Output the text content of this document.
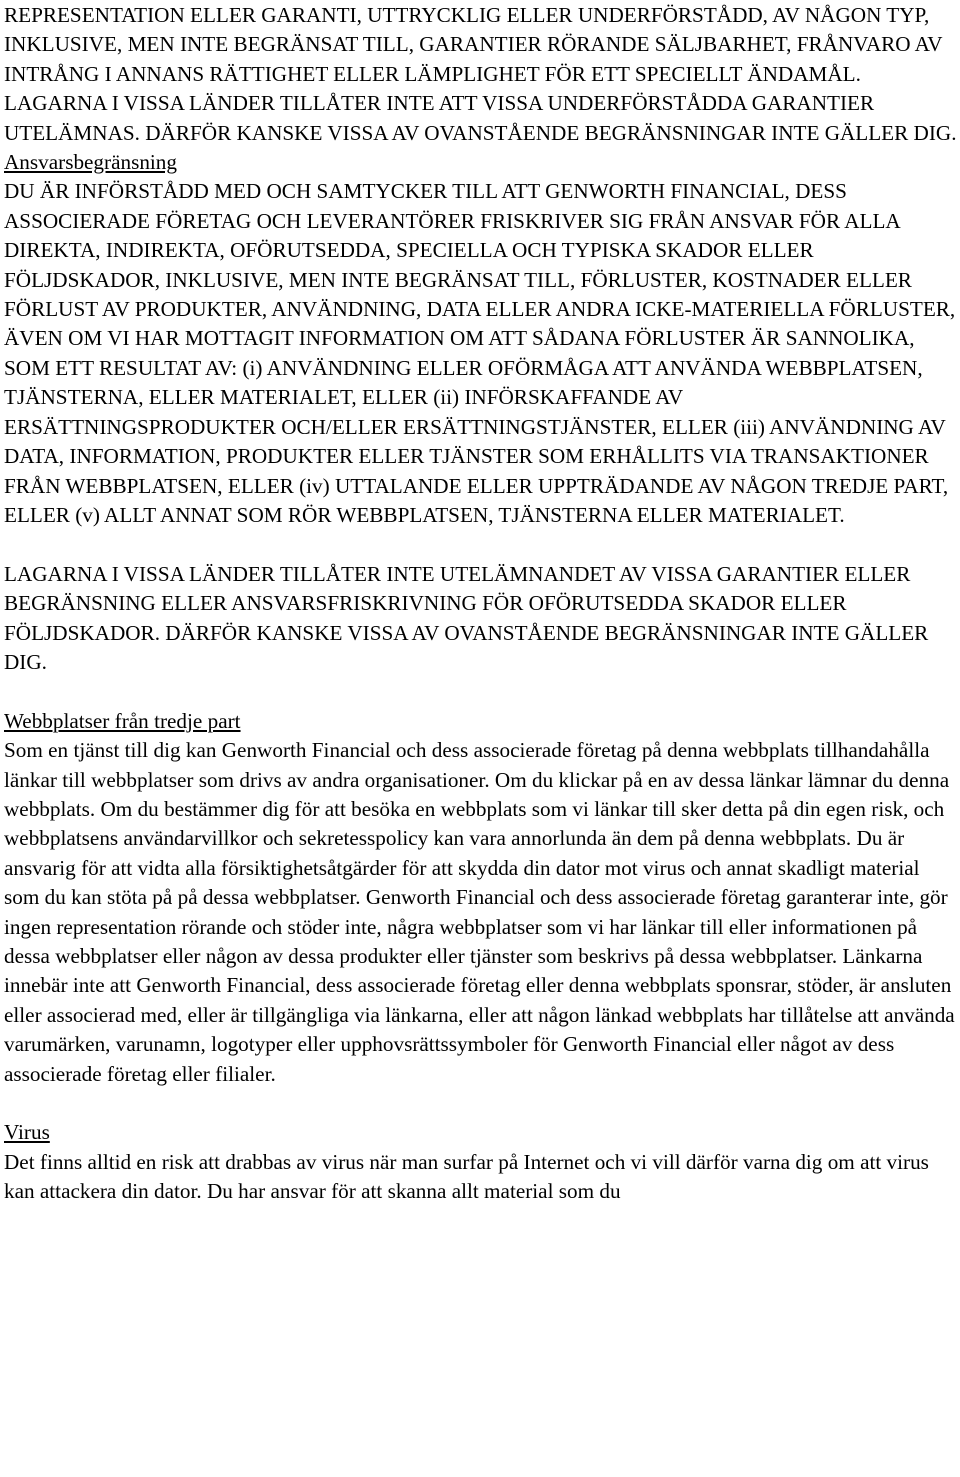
REPRESENTATION ELLER GARANTI, UTTRYCKLIG ELLER UNDERFÖRSTÅDD, AV NÅGON TYP, INKLUSIVE, MEN INTE BEGRÄNSAT TILL, GARANTIER RÖRANDE SÄLJBARHET, FRÅNVARO AV INTRÅNG I ANNANS RÄTTIGHET ELLER LÄMPLIGHET FÖR ETT SPECIELLT ÄNDAMÅL. LAGARNA I VISSA LÄNDER TILLÅTER INTE ATT VISSA UNDERFÖRSTÅDDA GARANTIER UTELÄMNAS. DÄRFÖR KANSKE VISSA AV OVANSTÅENDE BEGRÄNSNINGAR INTE GÄLLER DIG.

Ansvarsbegränsning

DU ÄR INFÖRSTÅDD MED OCH SAMTYCKER TILL ATT GENWORTH FINANCIAL, DESS ASSOCIERADE FÖRETAG OCH LEVERANTÖRER FRISKRIVER SIG FRÅN ANSVAR FÖR ALLA DIREKTA, INDIREKTA, OFÖRUTSEDDA, SPECIELLA OCH TYPISKA SKADOR ELLER FÖLJDSKADOR, INKLUSIVE, MEN INTE BEGRÄNSAT TILL, FÖRLUSTER, KOSTNADER ELLER FÖRLUST AV PRODUKTER, ANVÄNDNING, DATA ELLER ANDRA ICKE-MATERIELLA FÖRLUSTER, ÄVEN OM VI HAR MOTTAGIT INFORMATION OM ATT SÅDANA FÖRLUSTER ÄR SANNOLIKA, SOM ETT RESULTAT AV: (i) ANVÄNDNING ELLER OFÖRMÅGA ATT ANVÄNDA WEBBPLATSEN, TJÄNSTERNA, ELLER MATERIALET, ELLER (ii) INFÖRSKAFFANDE AV ERSÄTTNINGSPRODUKTER OCH/ELLER ERSÄTTNINGSTJÄNSTER, ELLER (iii) ANVÄNDNING AV DATA, INFORMATION, PRODUKTER ELLER TJÄNSTER SOM ERHÅLLITS VIA TRANSAKTIONER FRÅN WEBBPLATSEN, ELLER (iv) UTTALANDE ELLER UPPTRÄDANDE AV NÅGON TREDJE PART, ELLER (v) ALLT ANNAT SOM RÖR WEBBPLATSEN, TJÄNSTERNA ELLER MATERIALET.

LAGARNA I VISSA LÄNDER TILLÅTER INTE UTELÄMNANDET AV VISSA GARANTIER ELLER BEGRÄNSNING ELLER ANSVARSFRISKRIVNING FÖR OFÖRUTSEDDA SKADOR ELLER FÖLJDSKADOR. DÄRFÖR KANSKE VISSA AV OVANSTÅENDE BEGRÄNSNINGAR INTE GÄLLER DIG.

Webbplatser från tredje part

Som en tjänst till dig kan Genworth Financial och dess associerade företag på denna webbplats tillhandahålla länkar till webbplatser som drivs av andra organisationer. Om du klickar på en av dessa länkar lämnar du denna webbplats. Om du bestämmer dig för att besöka en webbplats som vi länkar till sker detta på din egen risk, och webbplatsens användarvillkor och sekretesspolicy kan vara annorlunda än dem på denna webbplats. Du är ansvarig för att vidta alla försiktighetsåtgärder för att skydda din dator mot virus och annat skadligt material som du kan stöta på på dessa webbplatser. Genworth Financial och dess associerade företag garanterar inte, gör ingen representation rörande och stöder inte, några webbplatser som vi har länkar till eller informationen på dessa webbplatser eller någon av dessa produkter eller tjänster som beskrivs på dessa webbplatser. Länkarna innebär inte att Genworth Financial, dess associerade företag eller denna webbplats sponsrar, stöder, är ansluten eller associerad med, eller är tillgängliga via länkarna, eller att någon länkad webbplats har tillåtelse att använda varumärken, varunamn, logotyper eller upphovsrättssymboler för Genworth Financial eller något av dess associerade företag eller filialer.

Virus

Det finns alltid en risk att drabbas av virus när man surfar på Internet och vi vill därför varna dig om att virus kan attackera din dator. Du har ansvar för att skanna allt material som du
